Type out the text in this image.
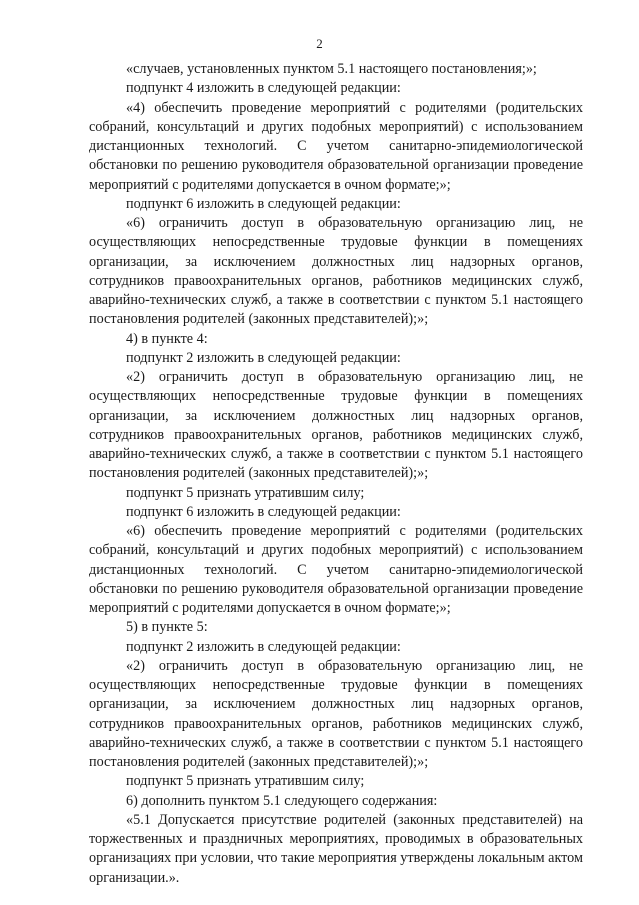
2

«случаев, установленных пунктом 5.1 настоящего постановления;»;

подпункт 4 изложить в следующей редакции:

«4) обеспечить проведение мероприятий с родителями (родительских собраний, консультаций и других подобных мероприятий) с использованием дистанционных технологий. С учетом санитарно-эпидемиологической обстановки по решению руководителя образовательной организации проведение мероприятий с родителями допускается в очном формате;»;

подпункт 6 изложить в следующей редакции:

«6) ограничить доступ в образовательную организацию лиц, не осуществляющих непосредственные трудовые функции в помещениях организации, за исключением должностных лиц надзорных органов, сотрудников правоохранительных органов, работников медицинских служб, аварийно-технических служб, а также в соответствии с пунктом 5.1 настоящего постановления родителей (законных представителей);»;

4) в пункте 4:

подпункт 2 изложить в следующей редакции:

«2) ограничить доступ в образовательную организацию лиц, не осуществляющих непосредственные трудовые функции в помещениях организации, за исключением должностных лиц надзорных органов, сотрудников правоохранительных органов, работников медицинских служб, аварийно-технических служб, а также в соответствии с пунктом 5.1 настоящего постановления родителей (законных представителей);»;

подпункт 5 признать утратившим силу;

подпункт 6 изложить в следующей редакции:

«6) обеспечить проведение мероприятий с родителями (родительских собраний, консультаций и других подобных мероприятий) с использованием дистанционных технологий. С учетом санитарно-эпидемиологической обстановки по решению руководителя образовательной организации проведение мероприятий с родителями допускается в очном формате;»;

5) в пункте 5:

подпункт 2 изложить в следующей редакции:

«2) ограничить доступ в образовательную организацию лиц, не осуществляющих непосредственные трудовые функции в помещениях организации, за исключением должностных лиц надзорных органов, сотрудников правоохранительных органов, работников медицинских служб, аварийно-технических служб, а также в соответствии с пунктом 5.1 настоящего постановления родителей (законных представителей);»;

подпункт 5 признать утратившим силу;

6) дополнить пунктом 5.1 следующего содержания:

«5.1 Допускается присутствие родителей (законных представителей) на торжественных и праздничных мероприятиях, проводимых в образовательных организациях при условии, что такие мероприятия утверждены локальным актом организации.».
